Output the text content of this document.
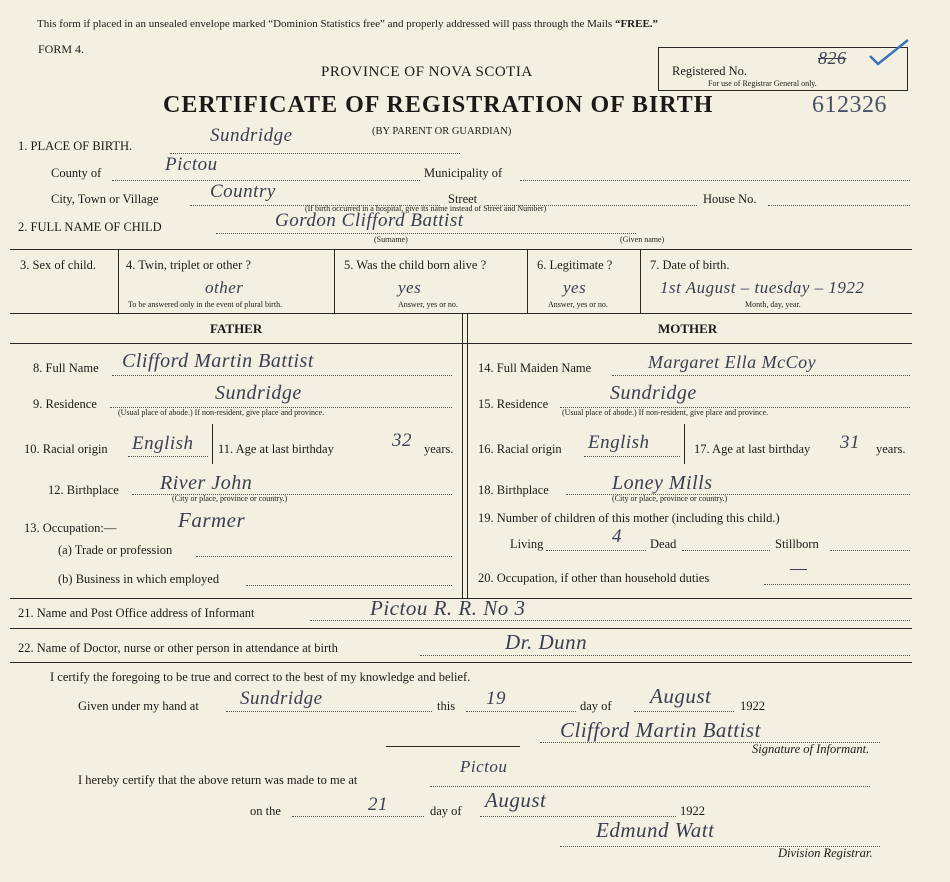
This form if placed in an unsealed envelope marked “Dominion Statistics free” and properly addressed will pass through the Mails “FREE.”
FORM 4.
PROVINCE OF NOVA SCOTIA
CERTIFICATE OF REGISTRATION OF BIRTH
(BY PARENT OR GUARDIAN)
Registered No.
826
For use of Registrar General only.
612326
1. PLACE OF BIRTH.	Sundridge
County of	Pictou	Municipality of
City, Town or Village	Country	Street
(If birth occurred in a hospital, give its name instead of Street and Number)
House No.
2. FULL NAME OF CHILD	Gordon Clifford Battist
(Surname)	(Given name)
3. Sex of child. 4. Twin, triplet or other ?
other
To be answered only in the event of plural birth.
5. Was the child born alive ?
yes
Answer, yes or no.
6. Legitimate ?
yes
Answer, yes or no.
7. Date of birth.
1st August – tuesday – 1922
Month, day, year.
FATHER	MOTHER
8. Full Name Clifford Martin Battist
9. Residence	Sundridge
(Usual place of abode.) If non-resident, give place and province.
10. Racial origin English 11. Age at last birthday	32 years.
12. Birthplace River John
(City or place, province or country.)
13. Occupation:—	Farmer
(a) Trade or profession
(b) Business in which employed
14. Full Maiden Name	Margaret Ella McCoy
15. Residence	Sundridge
(Usual place of abode.) If non-resident, give place and province.
16. Racial origin English	17. Age at last birthday 31 years.
18. Birthplace	Loney Mills
(City or place, province or country.)
19. Number of children of this mother (including this child.)
Living	4 Dead	Stillborn
20. Occupation, if other than household duties	—
21. Name and Post Office address of Informant	Pictou R. R. No 3
22. Name of Doctor, nurse or other person in attendance at birth	Dr. Dunn
I certify the foregoing to be true and correct to the best of my knowledge and belief.
Given under my hand at Sundridge	this 19	day of August 1922
Clifford Martin Battist
Signature of Informant.
I hereby certify that the above return was made to me at
Pictou
on the	21	day of August	1922
Edmund Watt
Division Registrar.
